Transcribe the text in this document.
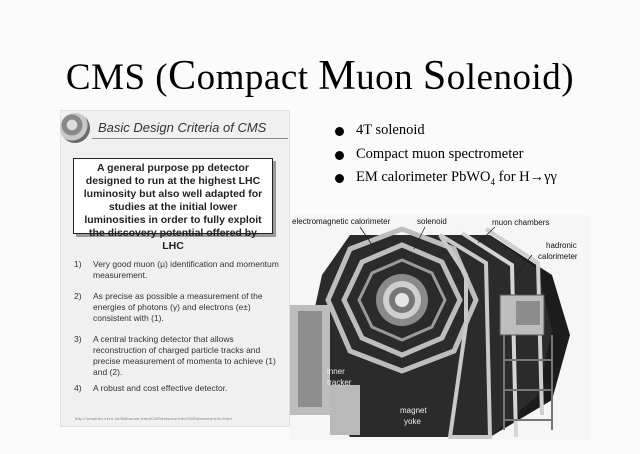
CMS (Compact Muon Solenoid)
Basic Design Criteria of CMS
A general purpose pp detector designed to run at the highest LHC luminosity but also well adapted for studies at the initial lower luminosities in order to fully exploit the discovery potential offered by LHC
1) Very good muon (μ) identification and momentum measurement.
2) As precise as possible a measurement of the energies of photons (γ) and electrons (e±) consistent with (1).
3) A central tracking detector that allows reconstruction of charged particle tracks and precise measurement of momenta to achieve (1) and (2).
4) A robust and cost effective detector.
http://cmsinfo.cern.ch/Welcome.html/CMSdetectorInfo/CMSdetectorInfo.html
4T solenoid
Compact muon spectrometer
EM calorimeter PbWO$_4$ for H→γγ
electromagnetic calorimeter	solenoid	muon chambers
hadronic
calorimeter
inner
tracker
magnet
yoke
